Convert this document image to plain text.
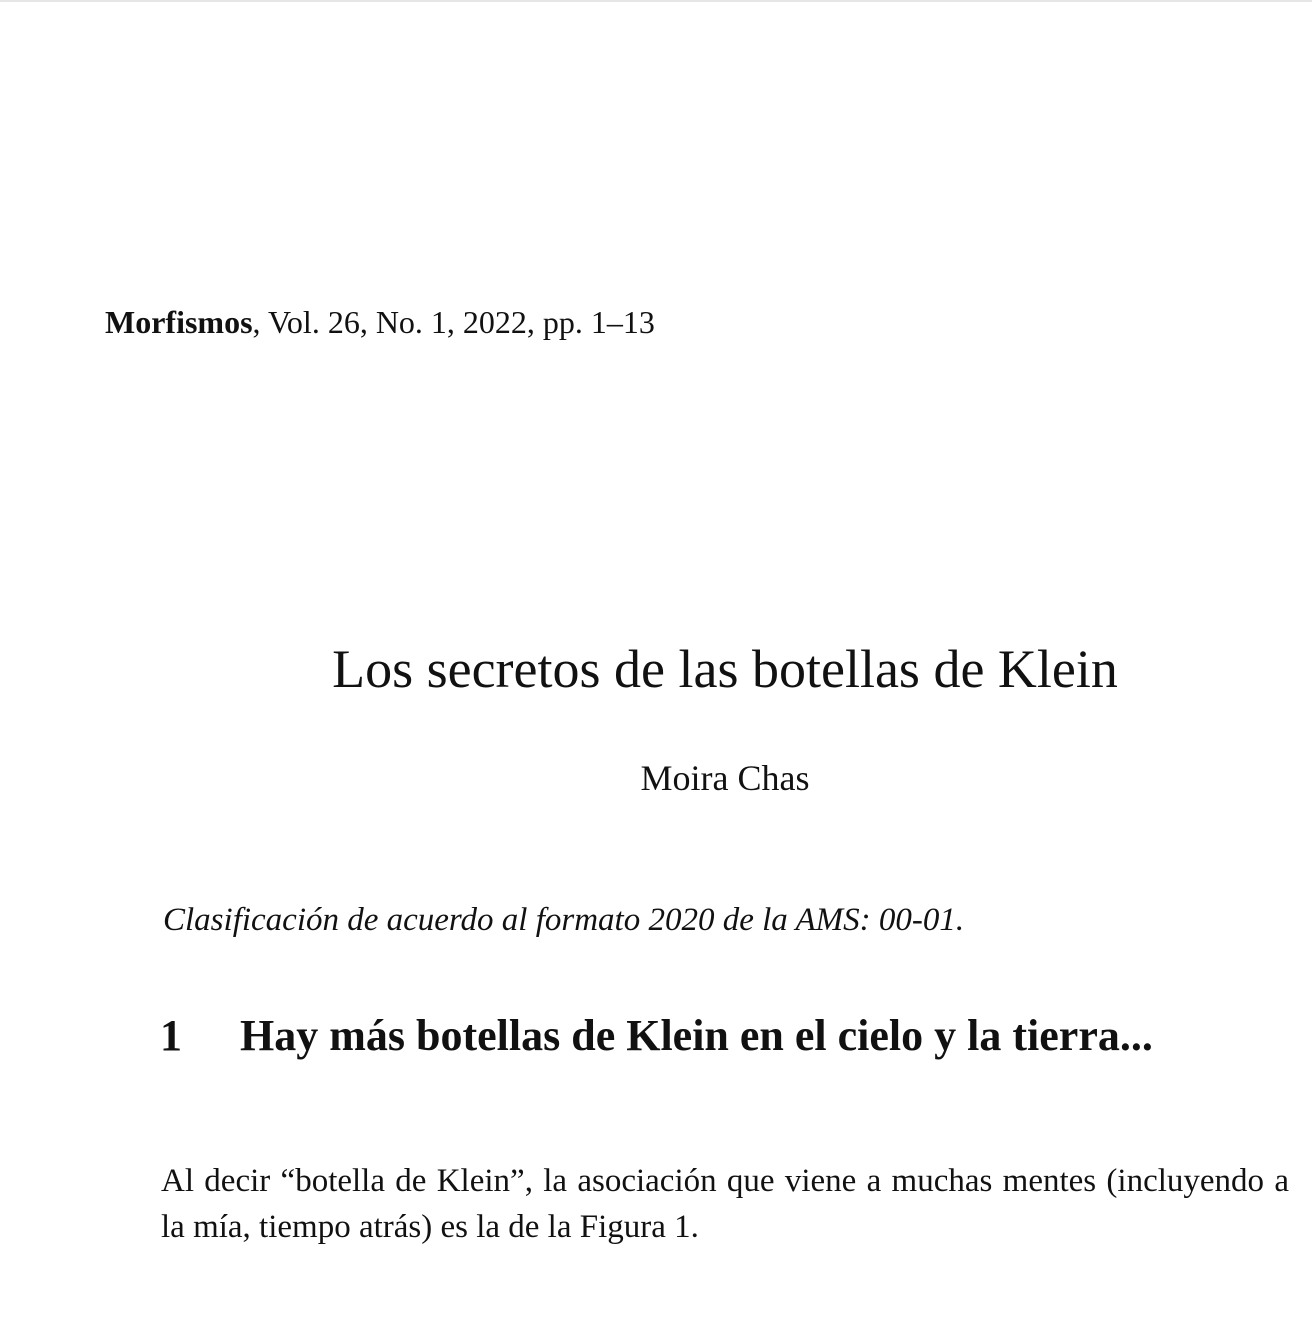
Morfismos, Vol. 26, No. 1, 2022, pp. 1–13
Los secretos de las botellas de Klein
Moira Chas
Clasificación de acuerdo al formato 2020 de la AMS: 00-01.
1 Hay más botellas de Klein en el cielo y la tierra...
Al decir “botella de Klein”, la asociación que viene a muchas mentes (incluyendo a la mía, tiempo atrás) es la de la Figura 1.
